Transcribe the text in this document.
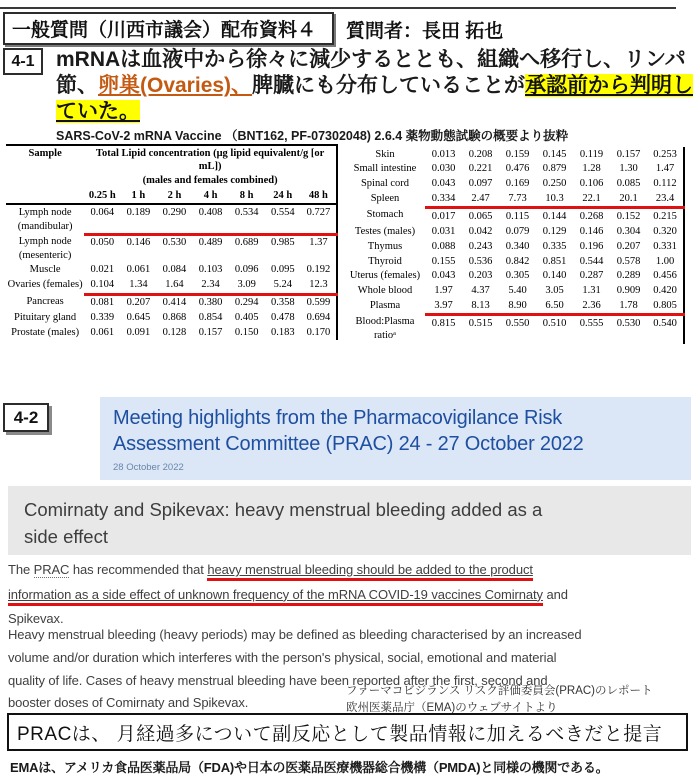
一般質問（川西市議会）配布資料４ 質問者：長田 拓也
4-1	mRNAは血液中から徐々に減少するととも、組織へ移行し、リンパ節、卵巣(Ovaries)、脾臓にも分布していることが承認前から判明していた。
SARS-CoV-2 mRNA Vaccine （BNT162, PF-07302048) 2.6.4 薬物動態試験の概要より抜粋
Sample	Total Lipid concentration (μg lipid equivalent/g [or mL])
(males and females combined)						

	0.25 h	1 h	2 h	4 h	8 h	24 h	48 h
Lymph node (mandibular)	0.064	0.189	0.290	0.408	0.534	0.554	0.727
Lymph node (mesenteric)	0.050	0.146	0.530	0.489	0.689	0.985	1.37
Muscle	0.021	0.061	0.084	0.103	0.096	0.095	0.192
Ovaries (females)	0.104	1.34	1.64	2.34	3.09	5.24	12.3
Pancreas	0.081	0.207	0.414	0.380	0.294	0.358	0.599
Pituitary gland	0.339	0.645	0.868	0.854	0.405	0.478	0.694
Prostate (males)	0.061	0.091	0.128	0.157	0.150	0.183	0.170
Skin	0.013	0.208	0.159	0.145	0.119	0.157	0.253
Small intestine	0.030	0.221	0.476	0.879	1.28	1.30	1.47
Spinal cord	0.043	0.097	0.169	0.250	0.106	0.085	0.112
Spleen	0.334	2.47	7.73	10.3	22.1	20.1	23.4
Stomach	0.017	0.065	0.115	0.144	0.268	0.152	0.215
Testes (males)	0.031	0.042	0.079	0.129	0.146	0.304	0.320
Thymus	0.088	0.243	0.340	0.335	0.196	0.207	0.331
Thyroid	0.155	0.536	0.842	0.851	0.544	0.578	1.00
Uterus (females)	0.043	0.203	0.305	0.140	0.287	0.289	0.456
Whole blood	1.97	4.37	5.40	3.05	1.31	0.909	0.420
Plasma	3.97	8.13	8.90	6.50	2.36	1.78	0.805
Blood:Plasma ratioᵃ	0.815	0.515	0.550	0.510	0.555	0.530	0.540
4-2	Meeting highlights from the Pharmacovigilance Risk Assessment Committee (PRAC) 24 - 27 October 2022
28 October 2022
Comirnaty and Spikevax: heavy menstrual bleeding added as a side effect
The PRAC has recommended that heavy menstrual bleeding should be added to the product
information as a side effect of unknown frequency of the mRNA COVID-19 vaccines Comirnaty and
Spikevax.
Heavy menstrual bleeding (heavy periods) may be defined as bleeding characterised by an increased
volume and/or duration which interferes with the person's physical, social, emotional and material
quality of life. Cases of heavy menstrual bleeding have been reported after the first, second and
booster doses of Comirnaty and Spikevax.
ファーマコビジランス リスク評価委員会(PRAC)のレポート
欧州医薬品庁（EMA)のウェブサイトより
PRACは、 月経過多について副反応として製品情報に加えるべきだと提言
EMAは、アメリカ食品医薬品局（FDA)や日本の医薬品医療機器総合機構（PMDA)と同様の機関である。
